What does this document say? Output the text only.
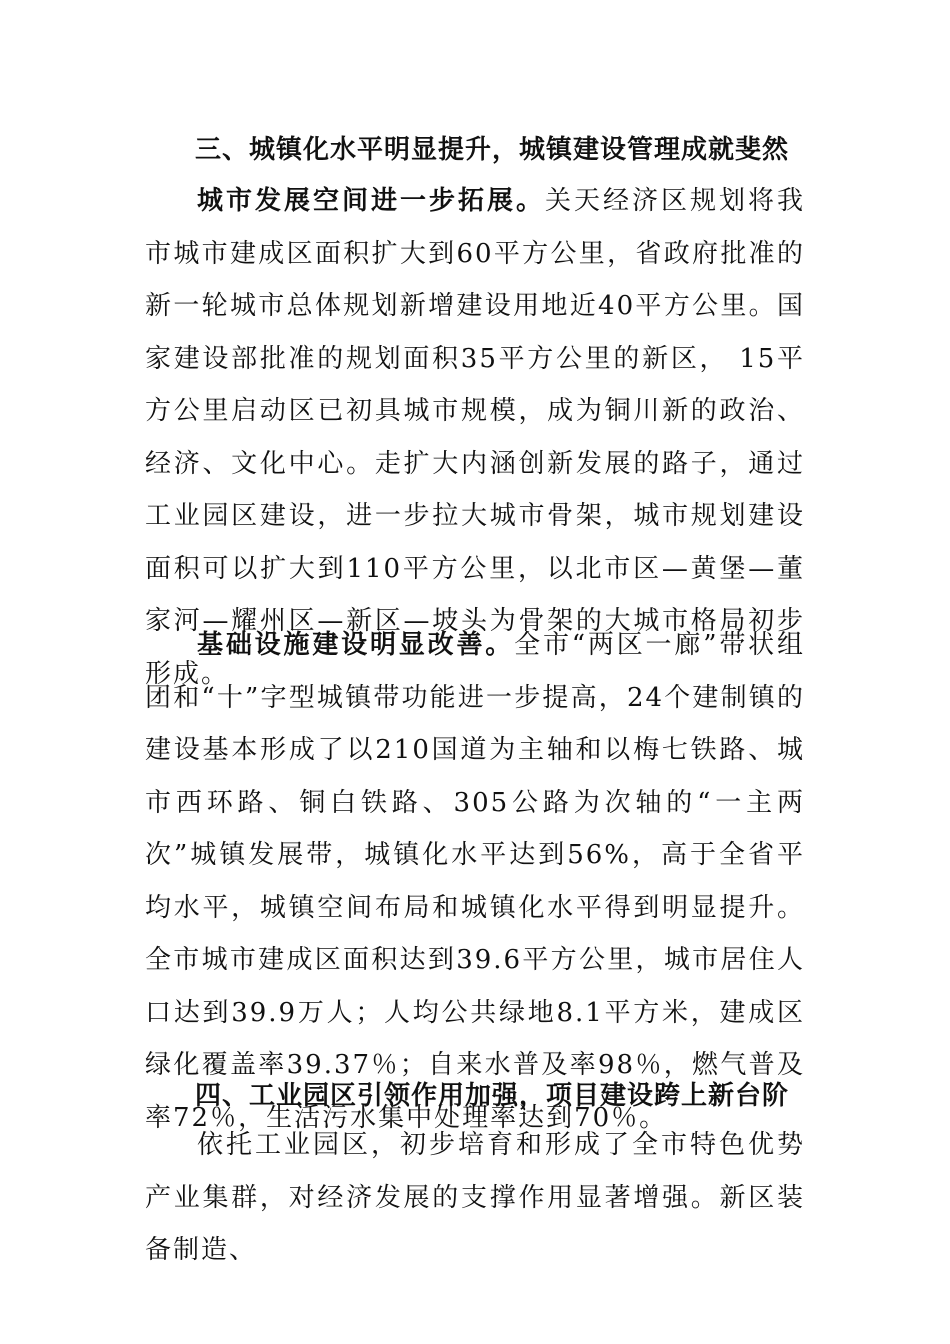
三、城镇化水平明显提升，城镇建设管理成就斐然

城市发展空间进一步拓展。关天经济区规划将我市城市建成区面积扩大到60平方公里，省政府批准的新一轮城市总体规划新增建设用地近40平方公里。国家建设部批准的规划面积35平方公里的新区， 15平方公里启动区已初具城市规模，成为铜川新的政治、经济、文化中心。走扩大内涵创新发展的路子，通过工业园区建设，进一步拉大城市骨架，城市规划建设面积可以扩大到110平方公里，以北市区—黄堡—董家河—耀州区—新区—坡头为骨架的大城市格局初步形成。

基础设施建设明显改善。全市“两区一廊”带状组团和“十”字型城镇带功能进一步提高，24个建制镇的建设基本形成了以210国道为主轴和以梅七铁路、城市西环路、铜白铁路、305公路为次轴的“一主两次”城镇发展带，城镇化水平达到56%，高于全省平均水平，城镇空间布局和城镇化水平得到明显提升。全市城市建成区面积达到39.6平方公里，城市居住人口达到39.9万人；人均公共绿地8.1平方米，建成区绿化覆盖率39.37％；自来水普及率98％，燃气普及率72％，生活污水集中处理率达到70％。

四、工业园区引领作用加强，项目建设跨上新台阶

依托工业园区，初步培育和形成了全市特色优势产业集群，对经济发展的支撑作用显著增强。新区装备制造、
